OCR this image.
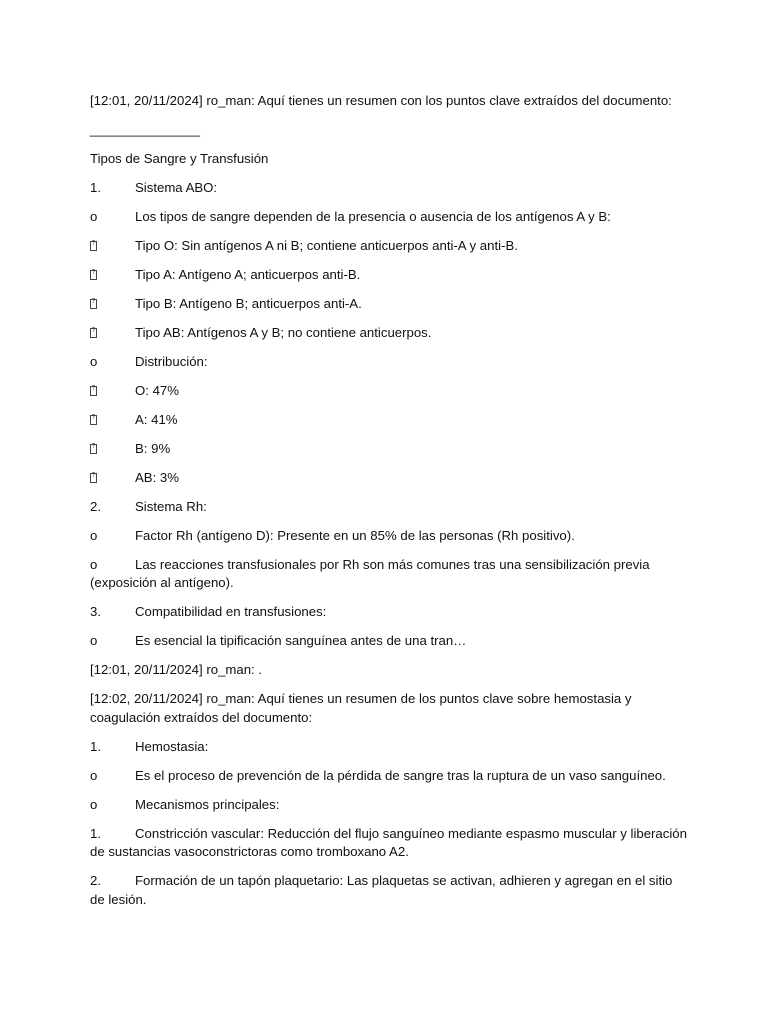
[12:01, 20/11/2024] ro_man: Aquí tienes un resumen con los puntos clave extraídos del documento:

_______________

Tipos de Sangre y Transfusión

1.	Sistema ABO:

o	Los tipos de sangre dependen de la presencia o ausencia de los antígenos A y B:

?Tipo O: Sin antígenos A ni B; contiene anticuerpos anti-A y anti-B.

?Tipo A: Antígeno A; anticuerpos anti-B.

?Tipo B: Antígeno B; anticuerpos anti-A.

?Tipo AB: Antígenos A y B; no contiene anticuerpos.

o	Distribución:

?O: 47%

?A: 41%

?B: 9%

?AB: 3%

2.	Sistema Rh:

o	Factor Rh (antígeno D): Presente en un 85% de las personas (Rh positivo).

o	Las reacciones transfusionales por Rh son más comunes tras una sensibilización previa (exposición al antígeno).

3.	Compatibilidad en transfusiones:

o	Es esencial la tipificación sanguínea antes de una tran…

[12:01, 20/11/2024] ro_man: .

[12:02, 20/11/2024] ro_man: Aquí tienes un resumen de los puntos clave sobre hemostasia y coagulación extraídos del documento:

1.	Hemostasia:

o	Es el proceso de prevención de la pérdida de sangre tras la ruptura de un vaso sanguíneo.

o	Mecanismos principales:

1.	Constricción vascular: Reducción del flujo sanguíneo mediante espasmo muscular y liberación de sustancias vasoconstrictoras como tromboxano A2.

2.	Formación de un tapón plaquetario: Las plaquetas se activan, adhieren y agregan en el sitio de lesión.
